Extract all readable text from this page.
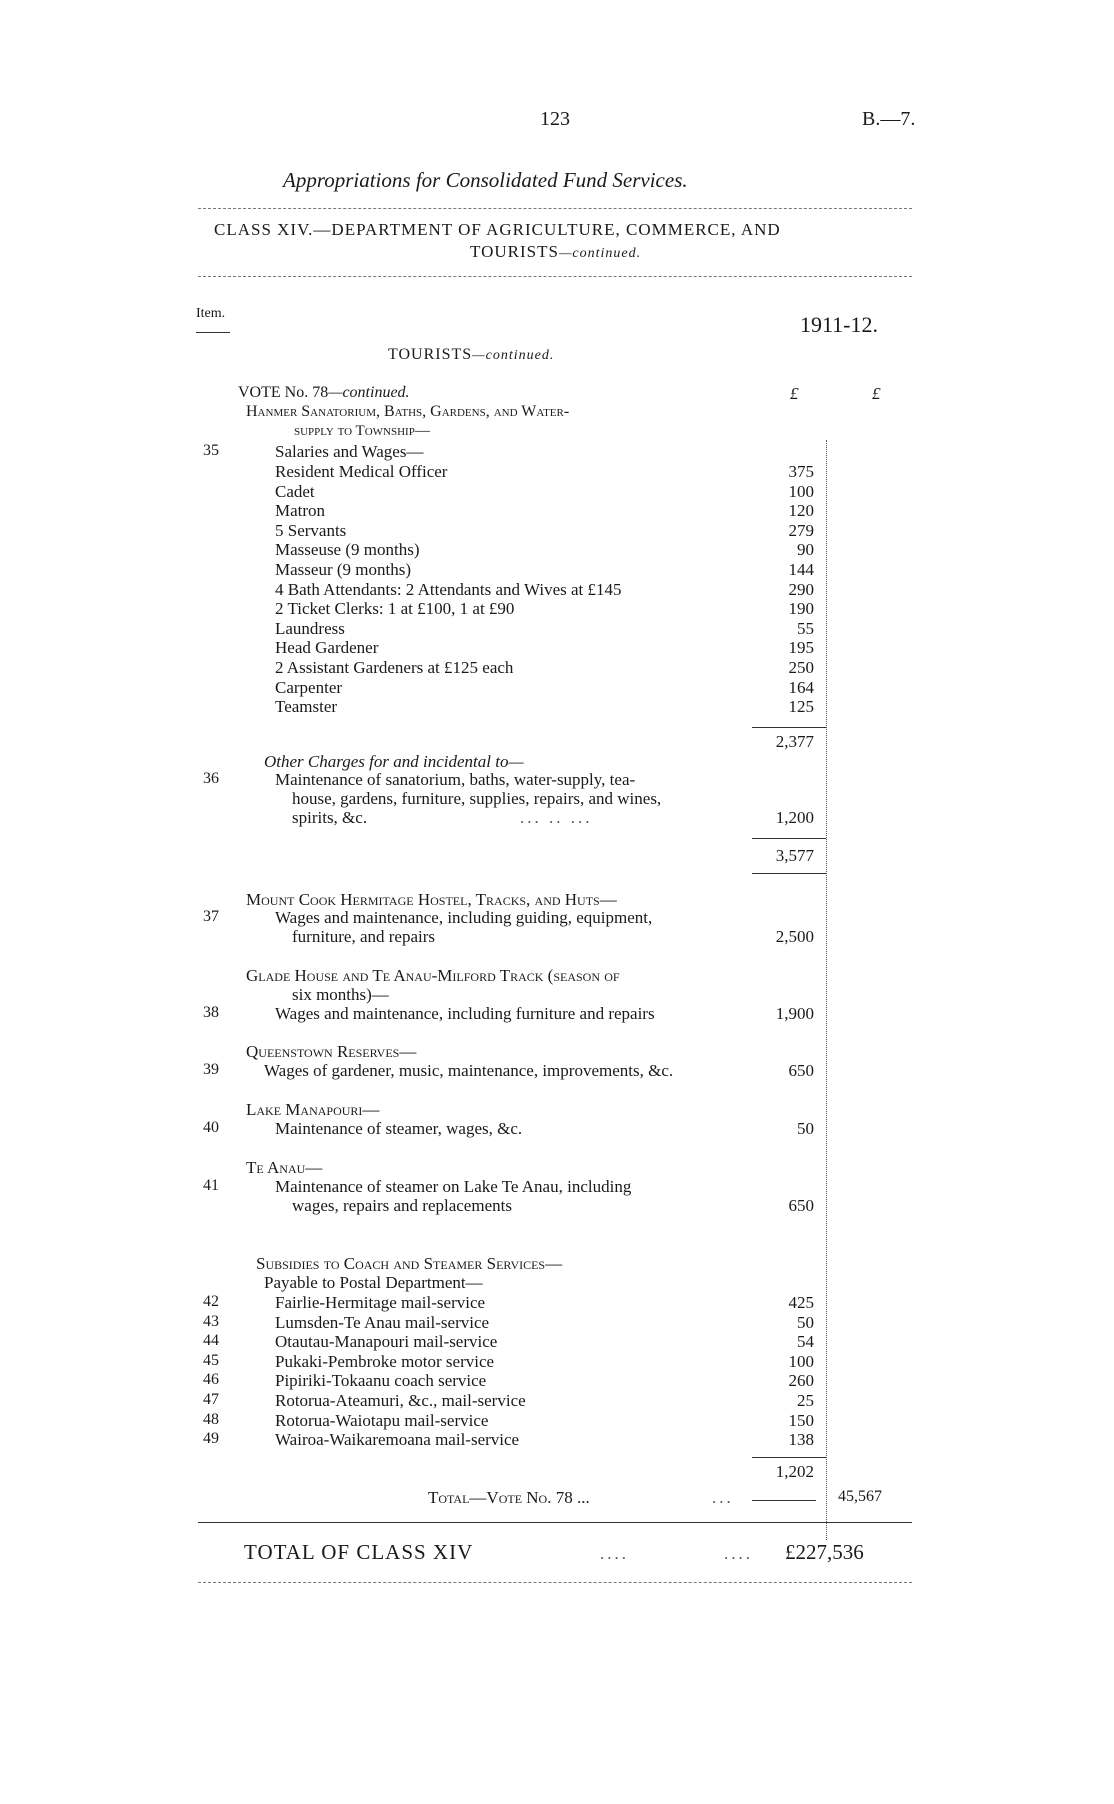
123	B.—7.
Appropriations for Consolidated Fund Services.
CLASS XIV.—DEPARTMENT OF AGRICULTURE, COMMERCE, AND
TOURISTS—continued.
Item.	1911-12.
TOURISTS—continued.
£	£
VOTE No. 78—continued.
Hanmer Sanatorium, Baths, Gardens, and Water-
supply to Township—
35	Salaries and Wages—
Resident Medical Officer	375
Cadet	100
Matron	120
5 Servants	279
Masseuse (9 months)	90
Masseur (9 months)	144
4 Bath Attendants: 2 Attendants and Wives at £145	290
2 Ticket Clerks: 1 at £100, 1 at £90	190
Laundress	55
Head Gardener	195
2 Assistant Gardeners at £125 each	250
Carpenter	164
Teamster	125
2,377
Other Charges for and incidental to—
36	Maintenance of sanatorium, baths, water-supply, tea-
house, gardens, furniture, supplies, repairs, and wines,
spirits, &c.	... .. ...	1,200
3,577
Mount Cook Hermitage Hostel, Tracks, and Huts—
37	Wages and maintenance, including guiding, equipment,
furniture, and repairs	2,500
Glade House and Te Anau-Milford Track (season of
six months)—
38	Wages and maintenance, including furniture and repairs	1,900
Queenstown Reserves—
39	Wages of gardener, music, maintenance, improvements, &c.	650
Lake Manapouri—
40	Maintenance of steamer, wages, &c.	50
Te Anau—
41	Maintenance of steamer on Lake Te Anau, including
wages, repairs and replacements	650
Subsidies to Coach and Steamer Services—
Payable to Postal Department—
42	Fairlie-Hermitage mail-service	425
43	Lumsden-Te Anau mail-service	50
44	Otautau-Manapouri mail-service	54
45	Pukaki-Pembroke motor service	100
46	Pipiriki-Tokaanu coach service	260
47	Rotorua-Ateamuri, &c., mail-service	25
48	Rotorua-Waiotapu mail-service	150
49	Wairoa-Waikaremoana mail-service	138
1,202
Total—Vote No. 78 ...	...	45,567
TOTAL OF CLASS XIV	....	.... £227,536
